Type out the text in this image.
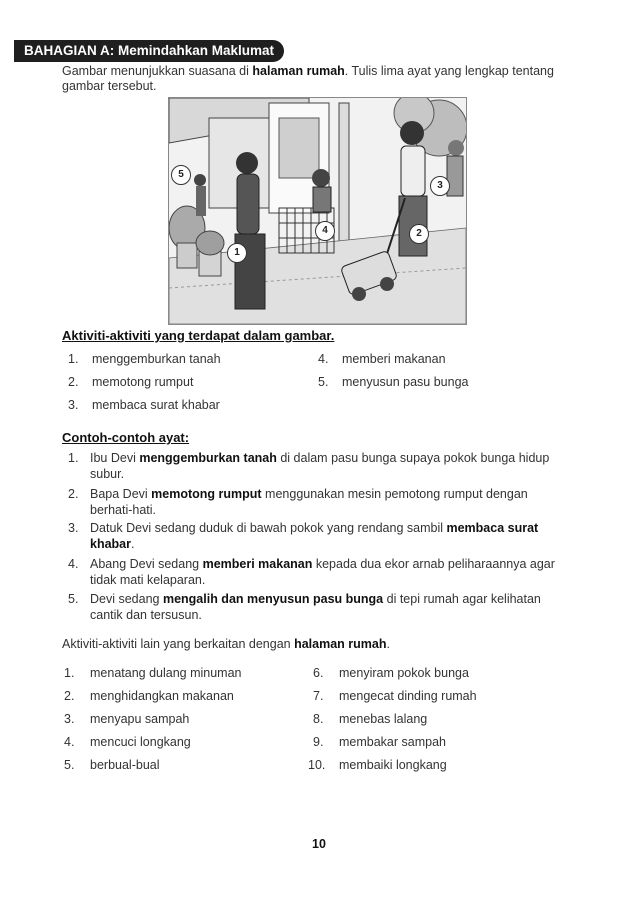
BAHAGIAN A: Memindahkan Maklumat
Gambar menunjukkan suasana di halaman rumah. Tulis lima ayat yang lengkap tentang gambar tersebut.
5
3
4	2
1
Aktiviti-aktiviti yang terdapat dalam gambar.
1. menggemburkan tanah	4. memberi makanan
2. memotong rumput	5. menyusun pasu bunga
3. membaca surat khabar
Contoh-contoh ayat:
1. Ibu Devi menggemburkan tanah di dalam pasu bunga supaya pokok bunga hidup subur.
2. Bapa Devi memotong rumput menggunakan mesin pemotong rumput dengan berhati-hati.
3. Datuk Devi sedang duduk di bawah pokok yang rendang sambil membaca surat khabar.
4. Abang Devi sedang memberi makanan kepada dua ekor arnab peliharaannya agar tidak mati kelaparan.
5. Devi sedang mengalih dan menyusun pasu bunga di tepi rumah agar kelihatan cantik dan tersusun.
Aktiviti-aktiviti lain yang berkaitan dengan halaman rumah.
1. menatang dulang minuman	6. menyiram pokok bunga
2. menghidangkan makanan	7. mengecat dinding rumah
3. menyapu sampah	8. menebas lalang
4. mencuci longkang	9. membakar sampah
5. berbual-bual	10. membaiki longkang
10
